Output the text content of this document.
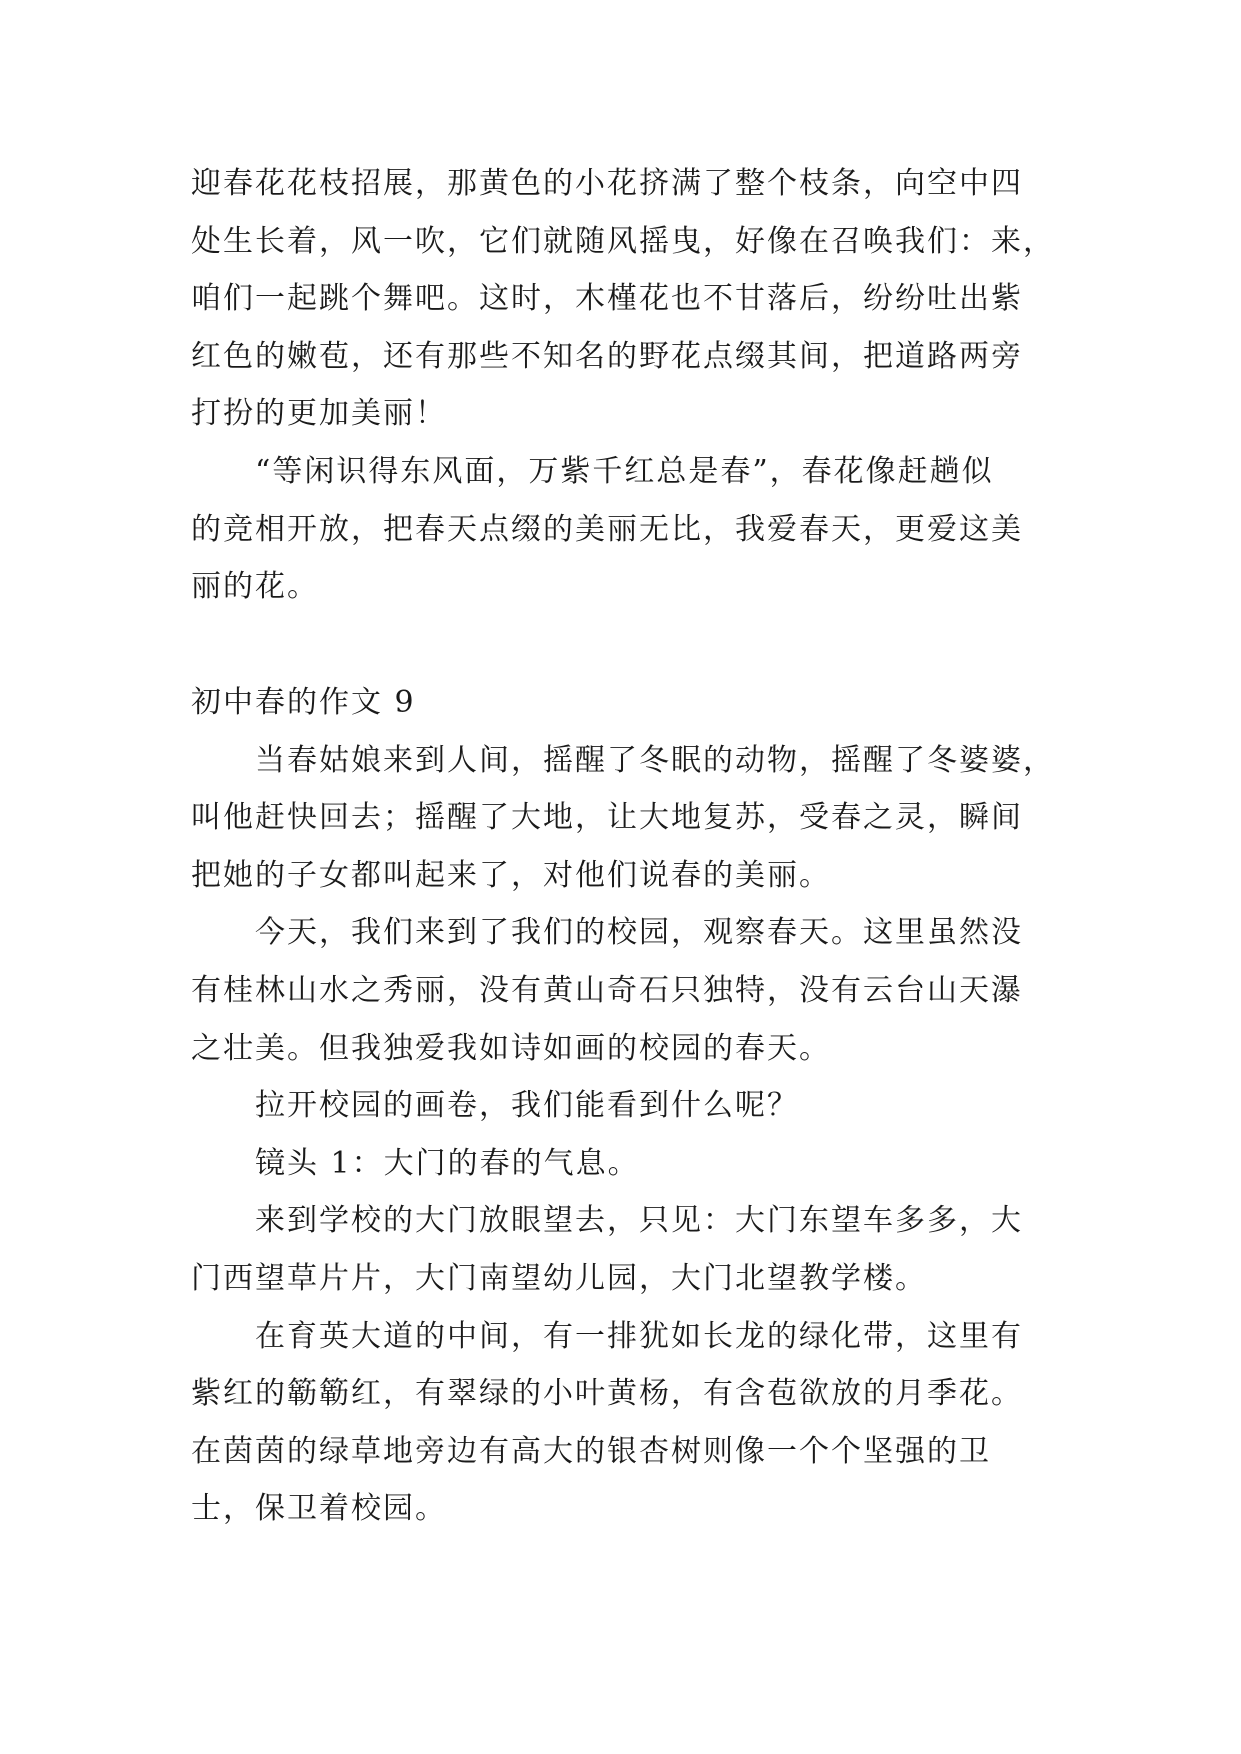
迎春花花枝招展，那黄色的小花挤满了整个枝条，向空中四
处生长着，风一吹，它们就随风摇曳，好像在召唤我们：来，
咱们一起跳个舞吧。这时，木槿花也不甘落后，纷纷吐出紫
红色的嫩苞，还有那些不知名的野花点缀其间，把道路两旁
打扮的更加美丽！
“等闲识得东风面，万紫千红总是春”，春花像赶趟似
的竞相开放，把春天点缀的美丽无比，我爱春天，更爱这美
丽的花。
初中春的作文 9
当春姑娘来到人间，摇醒了冬眠的动物，摇醒了冬婆婆，
叫他赶快回去；摇醒了大地，让大地复苏，受春之灵，瞬间
把她的子女都叫起来了，对他们说春的美丽。
今天，我们来到了我们的校园，观察春天。这里虽然没
有桂林山水之秀丽，没有黄山奇石只独特，没有云台山天瀑
之壮美。但我独爱我如诗如画的校园的春天。
拉开校园的画卷，我们能看到什么呢？
镜头 1：大门的春的气息。
来到学校的大门放眼望去，只见：大门东望车多多，大
门西望草片片，大门南望幼儿园，大门北望教学楼。
在育英大道的中间，有一排犹如长龙的绿化带，这里有
紫红的簕簕红，有翠绿的小叶黄杨，有含苞欲放的月季花。
在茵茵的绿草地旁边有高大的银杏树则像一个个坚强的卫
士，保卫着校园。
